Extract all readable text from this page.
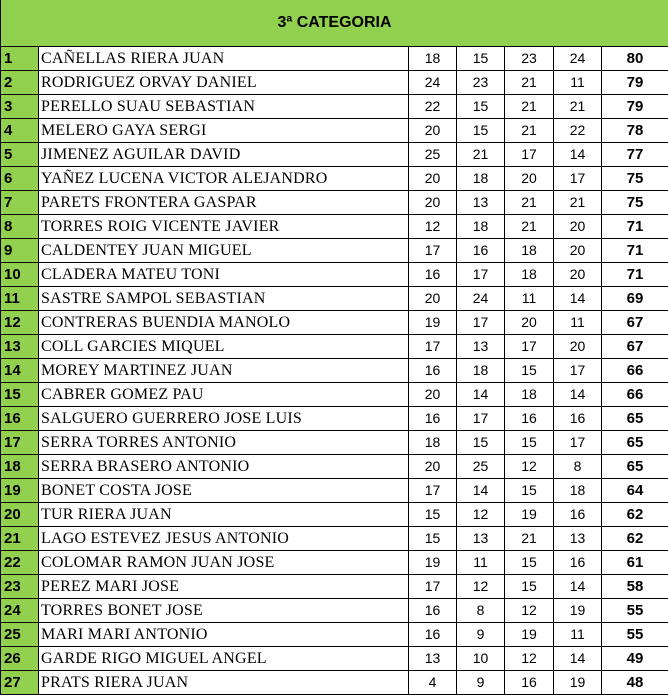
3ª CATEGORIA						
1	CAÑELLAS RIERA JUAN	18	15	23	24	80
2	RODRIGUEZ ORVAY DANIEL	24	23	21	11	79
3	PERELLO SUAU SEBASTIAN	22	15	21	21	79
4	MELERO GAYA SERGI	20	15	21	22	78
5	JIMENEZ AGUILAR DAVID	25	21	17	14	77
6	YAÑEZ LUCENA VICTOR ALEJANDRO	20	18	20	17	75
7	PARETS FRONTERA GASPAR	20	13	21	21	75
8	TORRES ROIG VICENTE JAVIER	12	18	21	20	71
9	CALDENTEY JUAN MIGUEL	17	16	18	20	71
10	CLADERA MATEU TONI	16	17	18	20	71
11	SASTRE SAMPOL SEBASTIAN	20	24	11	14	69
12	CONTRERAS BUENDIA MANOLO	19	17	20	11	67
13	COLL GARCIES MIQUEL	17	13	17	20	67
14	MOREY MARTINEZ JUAN	16	18	15	17	66
15	CABRER GOMEZ PAU	20	14	18	14	66
16	SALGUERO GUERRERO JOSE LUIS	16	17	16	16	65
17	SERRA TORRES ANTONIO	18	15	15	17	65
18	SERRA BRASERO ANTONIO	20	25	12	8	65
19	BONET COSTA JOSE	17	14	15	18	64
20	TUR RIERA JUAN	15	12	19	16	62
21	LAGO ESTEVEZ JESUS ANTONIO	15	13	21	13	62
22	COLOMAR RAMON JUAN JOSE	19	11	15	16	61
23	PEREZ MARI JOSE	17	12	15	14	58
24	TORRES BONET JOSE	16	8	12	19	55
25	MARI MARI ANTONIO	16	9	19	11	55
26	GARDE RIGO MIGUEL ANGEL	13	10	12	14	49
27	PRATS RIERA JUAN	4	9	16	19	48
